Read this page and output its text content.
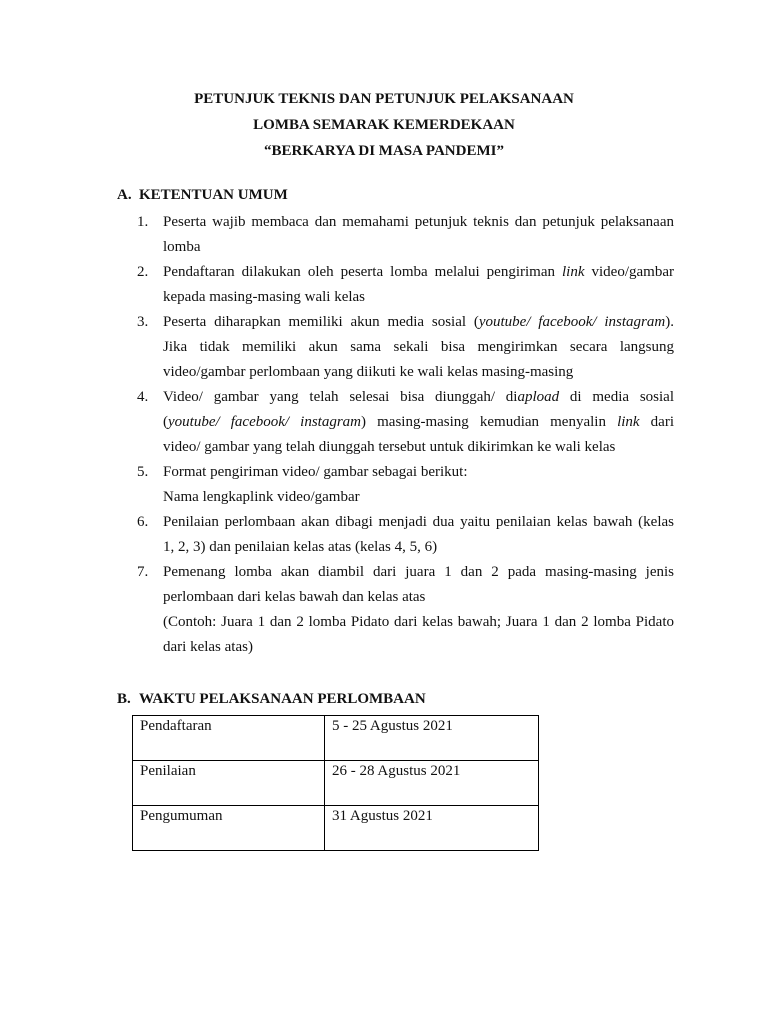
PETUNJUK TEKNIS DAN PETUNJUK PELAKSANAAN
LOMBA SEMARAK KEMERDEKAAN
“BERKARYA DI MASA PANDEMI”
A. KETENTUAN UMUM
1. Peserta wajib membaca dan memahami petunjuk teknis dan petunjuk pelaksanaan
lomba
2. Pendaftaran dilakukan oleh peserta lomba melalui pengiriman link video/gambar
kepada masing-masing wali kelas
3. Peserta diharapkan memiliki akun media sosial (youtube/ facebook/ instagram).
Jika tidak memiliki akun sama sekali bisa mengirimkan secara langsung
video/gambar perlombaan yang diikuti ke wali kelas masing-masing
4. Video/ gambar yang telah selesai bisa diunggah/ diapload di media sosial
(youtube/ facebook/ instagram) masing-masing kemudian menyalin link dari
video/ gambar yang telah diunggah tersebut untuk dikirimkan ke wali kelas
5. Format pengiriman video/ gambar sebagai berikut:
Nama lengkaplink video/gambar
6. Penilaian perlombaan akan dibagi menjadi dua yaitu penilaian kelas bawah (kelas
1, 2, 3) dan penilaian kelas atas (kelas 4, 5, 6)
7. Pemenang lomba akan diambil dari juara 1 dan 2 pada masing-masing jenis
perlombaan dari kelas bawah dan kelas atas
(Contoh: Juara 1 dan 2 lomba Pidato dari kelas bawah; Juara 1 dan 2 lomba Pidato
dari kelas atas)
B. WAKTU PELAKSANAAN PERLOMBAAN
Pendaftaran	5 - 25 Agustus 2021
Penilaian	26 - 28 Agustus 2021
Pengumuman	31 Agustus 2021
